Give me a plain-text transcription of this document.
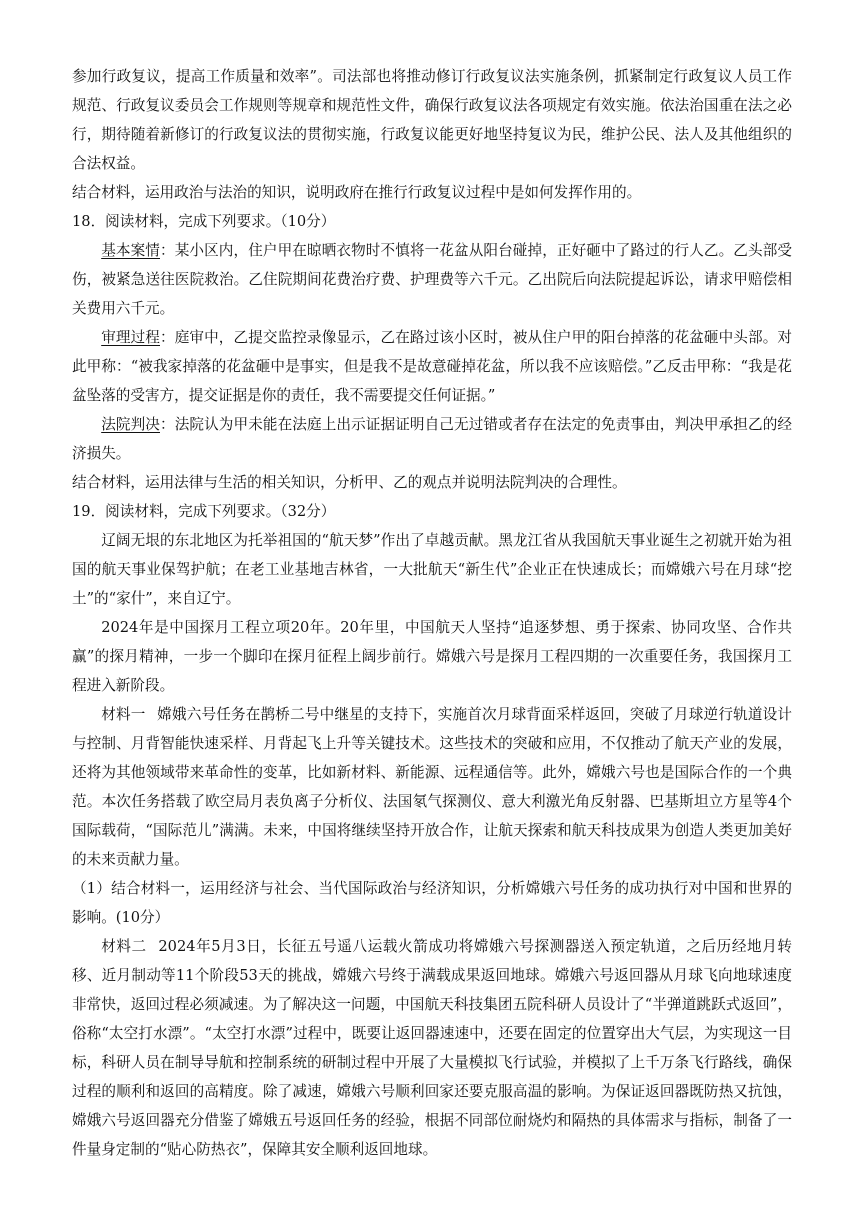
参加行政复议，提高工作质量和效率”。司法部也将推动修订行政复议法实施条例，抓紧制定行政复议人员工作规范、行政复议委员会工作规则等规章和规范性文件，确保行政复议法各项规定有效实施。依法治国重在法之必行，期待随着新修订的行政复议法的贯彻实施，行政复议能更好地坚持复议为民，维护公民、法人及其他组织的合法权益。

结合材料，运用政治与法治的知识，说明政府在推行行政复议过程中是如何发挥作用的。

18．阅读材料，完成下列要求。（10分）

基本案情：某小区内，住户甲在晾晒衣物时不慎将一花盆从阳台碰掉，正好砸中了路过的行人乙。乙头部受伤，被紧急送往医院救治。乙住院期间花费治疗费、护理费等六千元。乙出院后向法院提起诉讼，请求甲赔偿相关费用六千元。

审理过程：庭审中，乙提交监控录像显示，乙在路过该小区时，被从住户甲的阳台掉落的花盆砸中头部。对此甲称：“被我家掉落的花盆砸中是事实，但是我不是故意碰掉花盆，所以我不应该赔偿。”乙反击甲称：“我是花盆坠落的受害方，提交证据是你的责任，我不需要提交任何证据。”

法院判决：法院认为甲未能在法庭上出示证据证明自己无过错或者存在法定的免责事由，判决甲承担乙的经济损失。

结合材料，运用法律与生活的相关知识，分析甲、乙的观点并说明法院判决的合理性。

19．阅读材料，完成下列要求。（32分）

辽阔无垠的东北地区为托举祖国的“航天梦”作出了卓越贡献。黑龙江省从我国航天事业诞生之初就开始为祖国的航天事业保驾护航；在老工业基地吉林省，一大批航天“新生代”企业正在快速成长；而嫦娥六号在月球“挖土”的“家什”，来自辽宁。

2024年是中国探月工程立项20年。20年里，中国航天人坚持“追逐梦想、勇于探索、协同攻坚、合作共赢”的探月精神，一步一个脚印在探月征程上阔步前行。嫦娥六号是探月工程四期的一次重要任务，我国探月工程进入新阶段。

材料一 嫦娥六号任务在鹊桥二号中继星的支持下，实施首次月球背面采样返回，突破了月球逆行轨道设计与控制、月背智能快速采样、月背起飞上升等关键技术。这些技术的突破和应用，不仅推动了航天产业的发展，还将为其他领域带来革命性的变革，比如新材料、新能源、远程通信等。此外，嫦娥六号也是国际合作的一个典范。本次任务搭载了欧空局月表负离子分析仪、法国氡气探测仪、意大利激光角反射器、巴基斯坦立方星等4个国际载荷，“国际范儿”满满。未来，中国将继续坚持开放合作，让航天探索和航天科技成果为创造人类更加美好的未来贡献力量。

（1）结合材料一，运用经济与社会、当代国际政治与经济知识，分析嫦娥六号任务的成功执行对中国和世界的影响。(10分）

材料二 2024年5月3日，长征五号遥八运载火箭成功将嫦娥六号探测器送入预定轨道，之后历经地月转移、近月制动等11个阶段53天的挑战，嫦娥六号终于满载成果返回地球。嫦娥六号返回器从月球飞向地球速度非常快，返回过程必须减速。为了解决这一问题，中国航天科技集团五院科研人员设计了“半弹道跳跃式返回”，俗称“太空打水漂”。“太空打水漂”过程中，既要让返回器速速中，还要在固定的位置穿出大气层，为实现这一目标，科研人员在制导导航和控制系统的研制过程中开展了大量模拟飞行试验，并模拟了上千万条飞行路线，确保过程的顺利和返回的高精度。除了减速，嫦娥六号顺利回家还要克服高温的影响。为保证返回器既防热又抗蚀，嫦娥六号返回器充分借鉴了嫦娥五号返回任务的经验，根据不同部位耐烧灼和隔热的具体需求与指标，制备了一件量身定制的“贴心防热衣”，保障其安全顺利返回地球。
